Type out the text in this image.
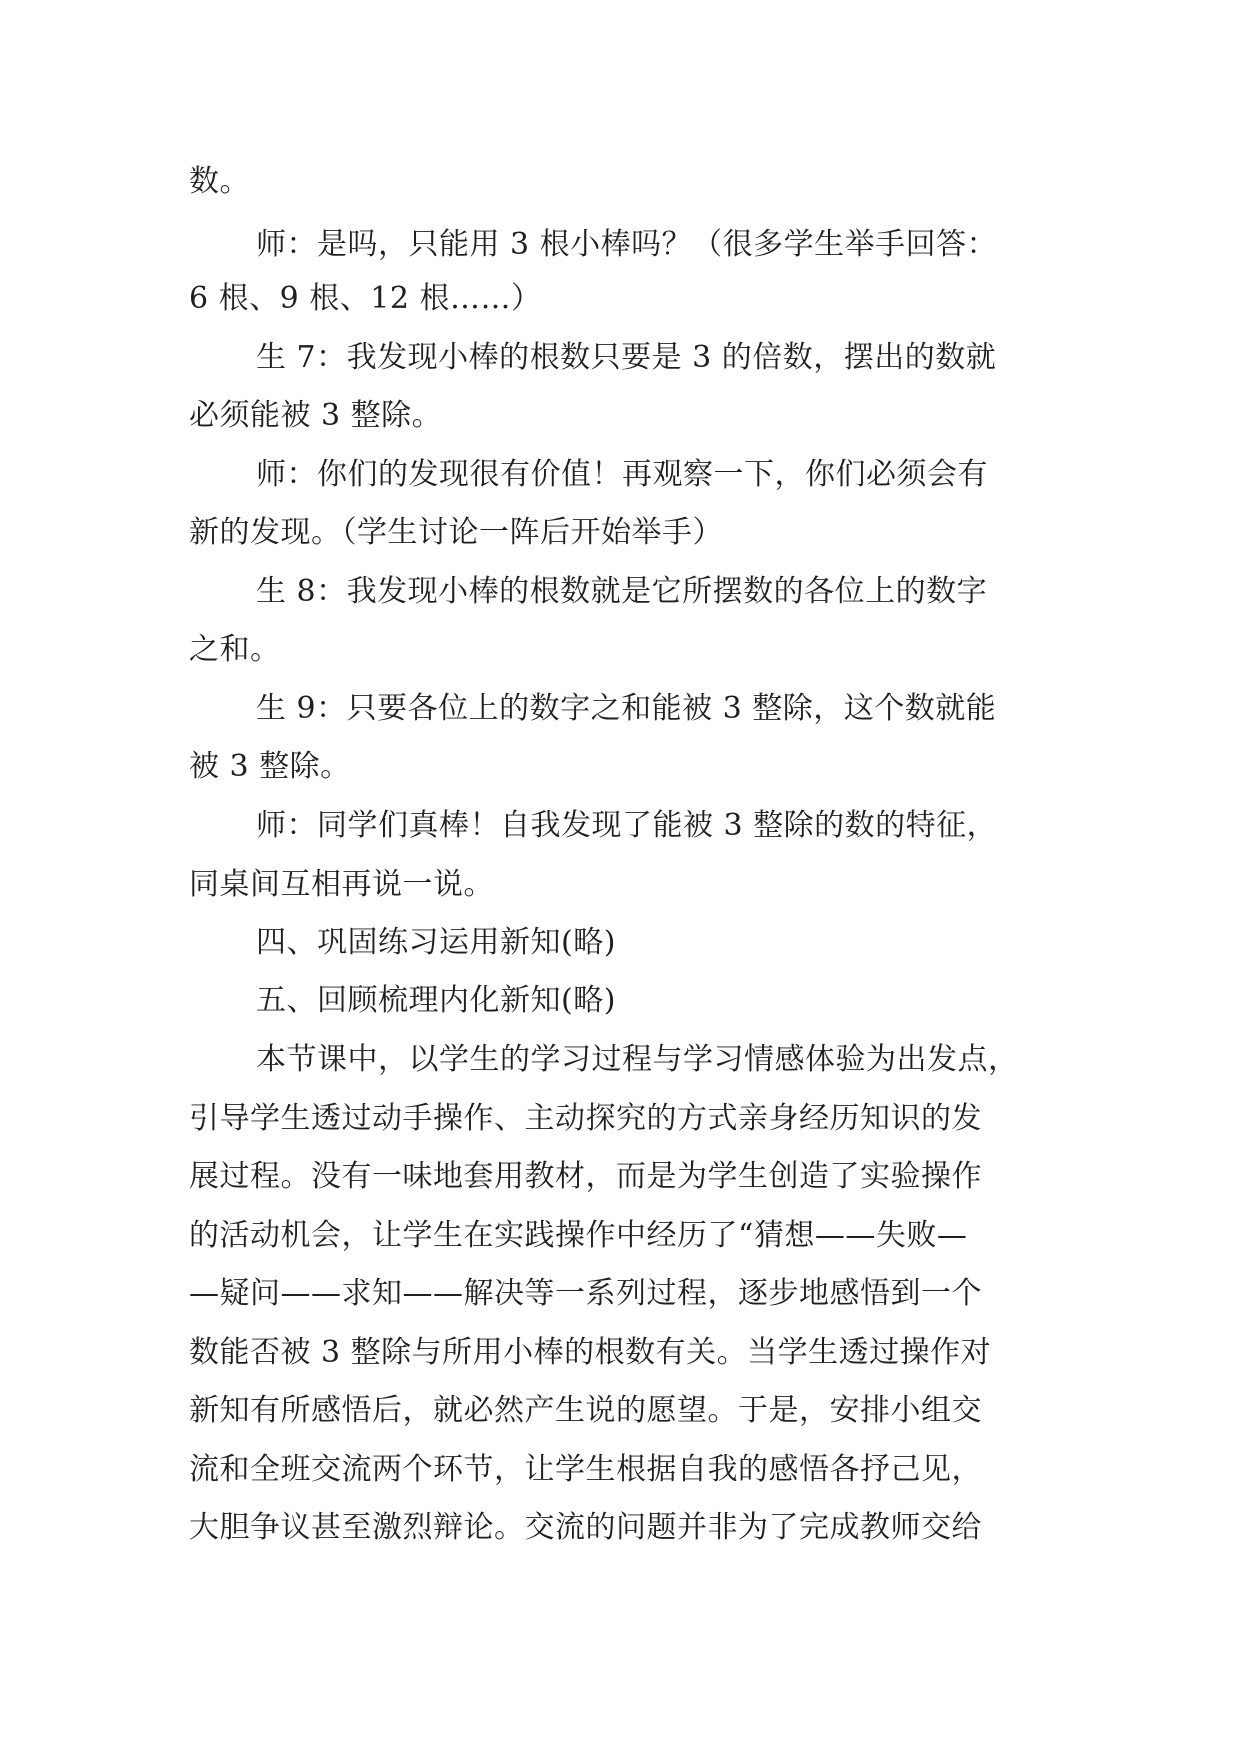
数。
师：是吗，只能用 3 根小棒吗？（很多学生举手回答：
6 根、9 根、12 根……）
生 7：我发现小棒的根数只要是 3 的倍数，摆出的数就
必须能被 3 整除。
师：你们的发现很有价值！再观察一下，你们必须会有
新的发现。（学生讨论一阵后开始举手）
生 8：我发现小棒的根数就是它所摆数的各位上的数字
之和。
生 9：只要各位上的数字之和能被 3 整除，这个数就能
被 3 整除。
师：同学们真棒！自我发现了能被 3 整除的数的特征，
同桌间互相再说一说。
四、巩固练习运用新知(略)
五、回顾梳理内化新知(略)
本节课中，以学生的学习过程与学习情感体验为出发点，
引导学生透过动手操作、主动探究的方式亲身经历知识的发
展过程。没有一味地套用教材，而是为学生创造了实验操作
的活动机会，让学生在实践操作中经历了“猜想——失败—
—疑问——求知——解决等一系列过程，逐步地感悟到一个
数能否被 3 整除与所用小棒的根数有关。当学生透过操作对
新知有所感悟后，就必然产生说的愿望。于是，安排小组交
流和全班交流两个环节，让学生根据自我的感悟各抒己见，
大胆争议甚至激烈辩论。交流的问题并非为了完成教师交给
